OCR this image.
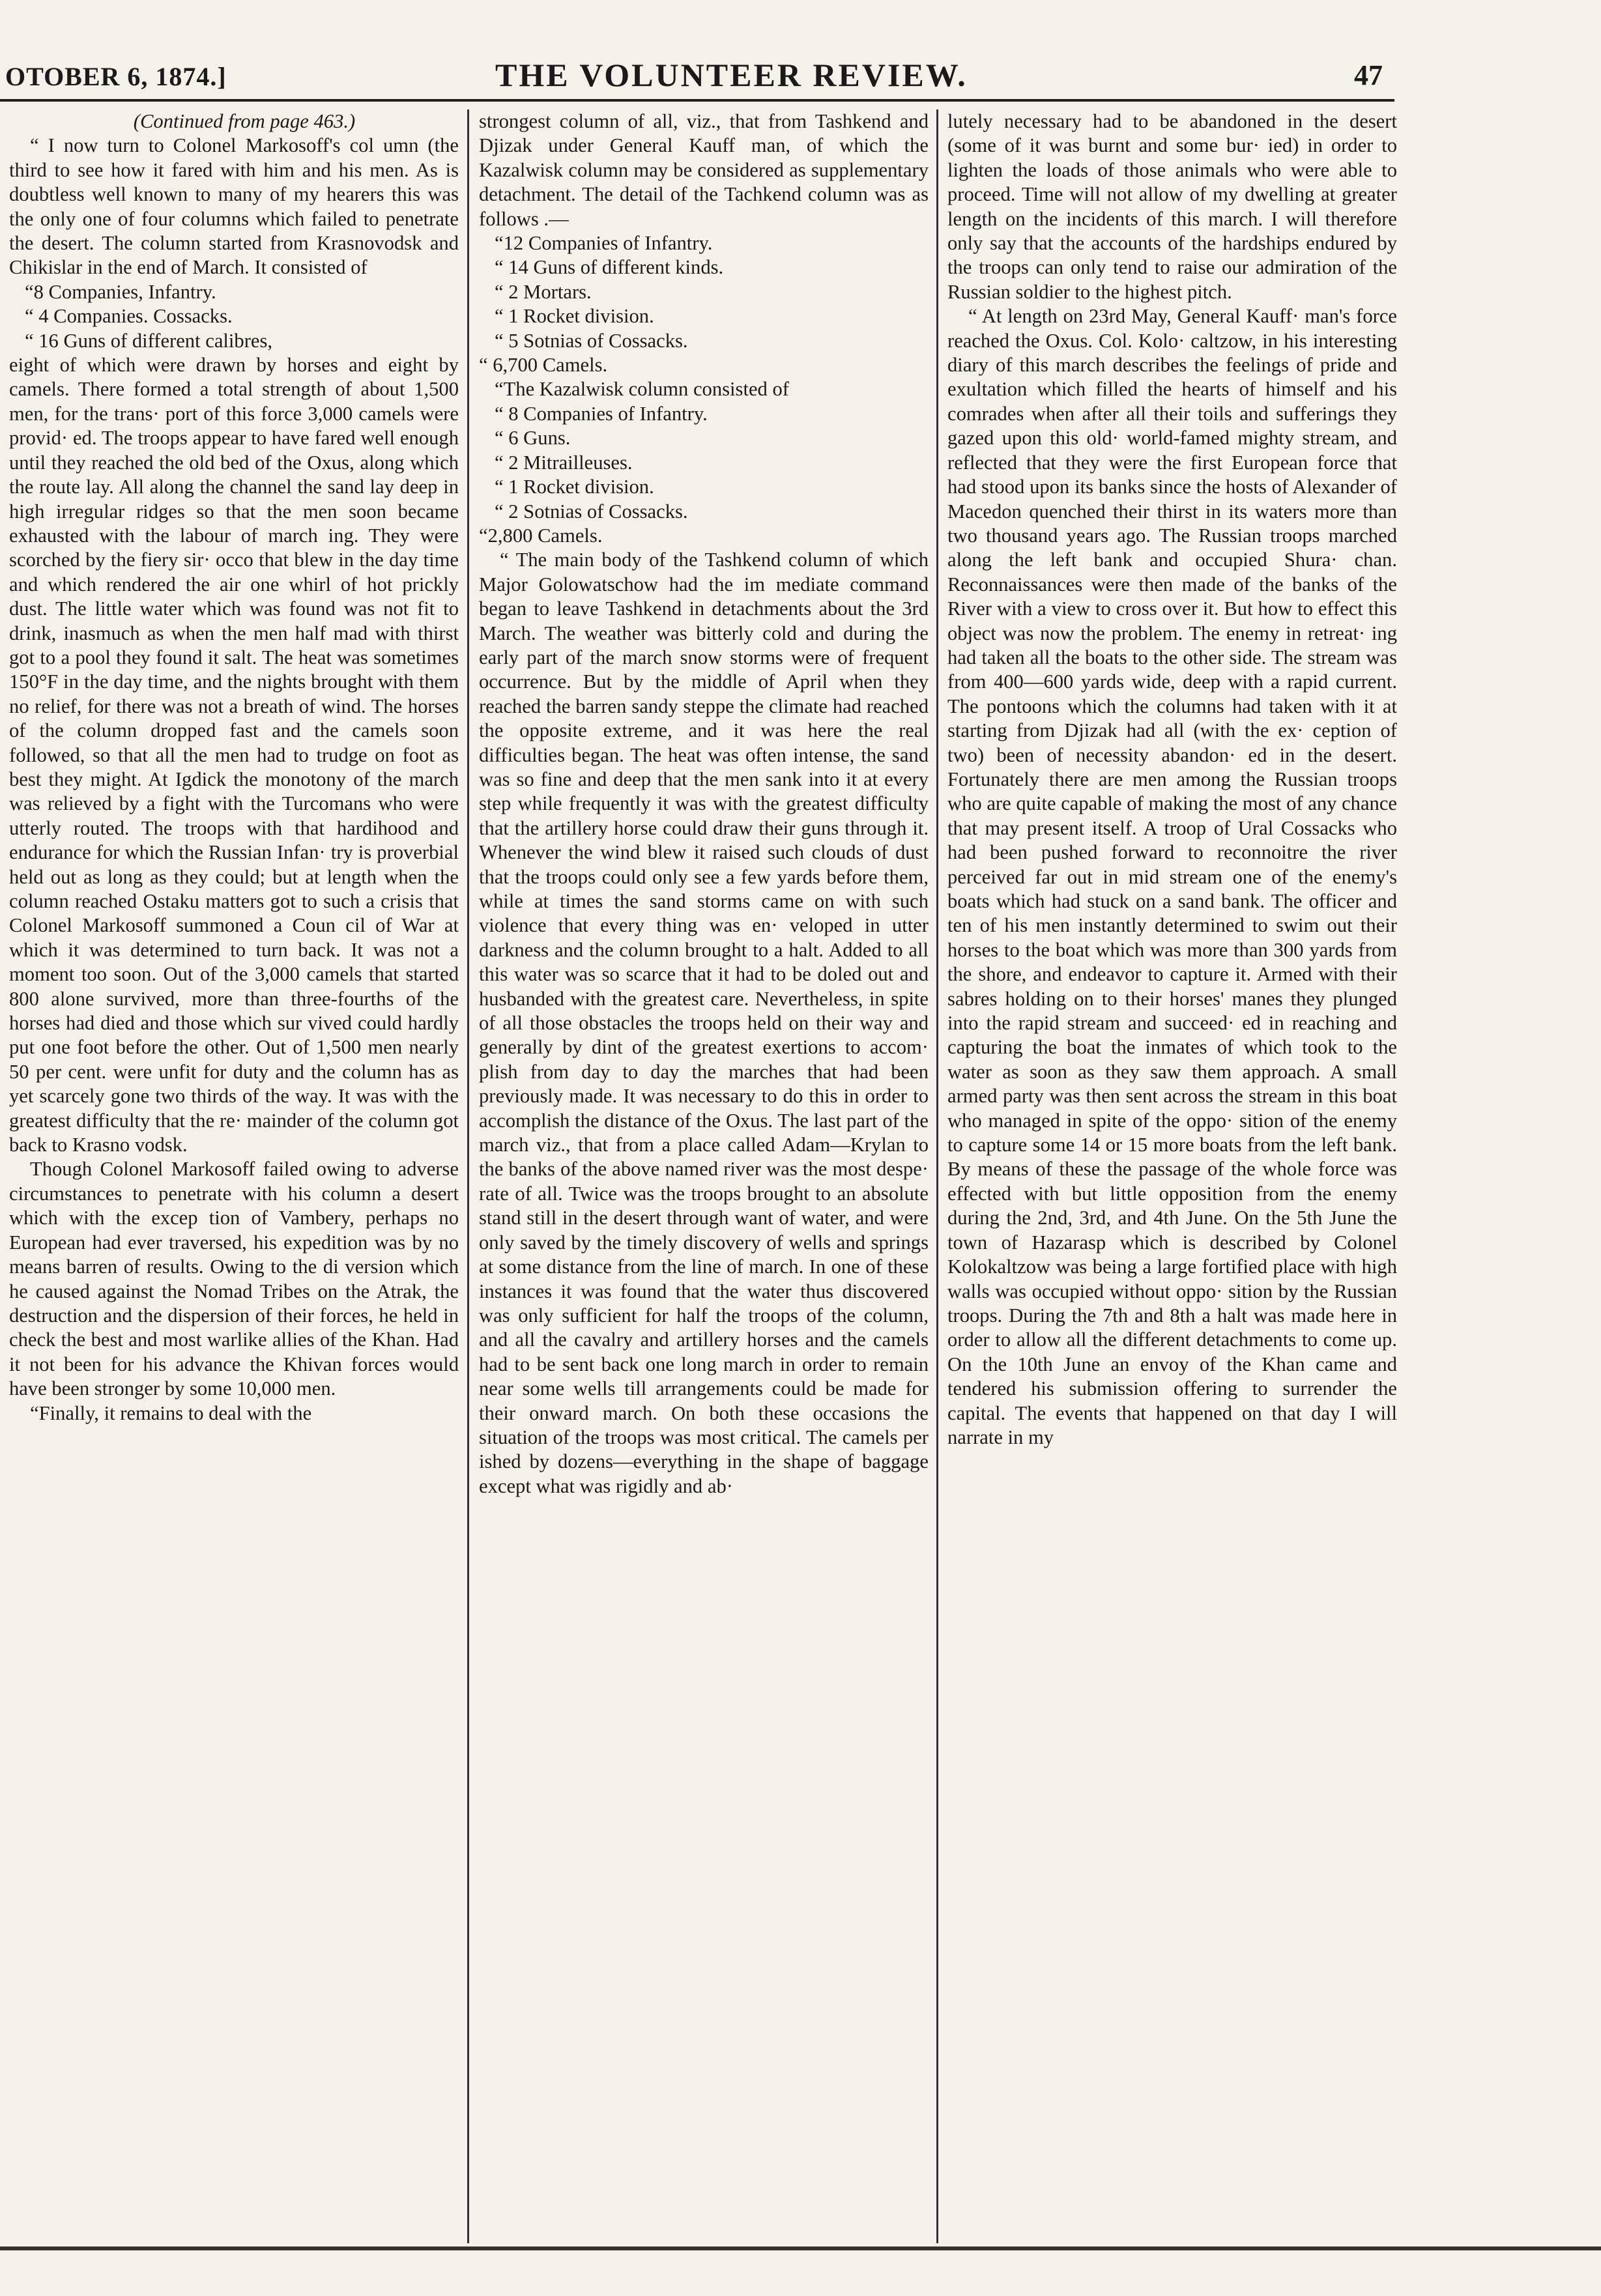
OTOBER 6, 1874.]	THE VOLUNTEER REVIEW.	47

(Continued from page 463.)

“ I now turn to Colonel Markosoff's col umn (the third to see how it fared with him and his men. As is doubtless well known to many of my hearers this was the only one of four columns which failed to penetrate the desert. The column started from Krasnovodsk and Chikislar in the end of March. It consisted of

“8 Companies, Infantry.

“ 4 Companies. Cossacks.

“ 16 Guns of different calibres,

eight of which were drawn by horses and eight by camels. There formed a total strength of about 1,500 men, for the trans· port of this force 3,000 camels were provid· ed. The troops appear to have fared well enough until they reached the old bed of the Oxus, along which the route lay. All along the channel the sand lay deep in high irregular ridges so that the men soon became exhausted with the labour of march ing. They were scorched by the fiery sir· occo that blew in the day time and which rendered the air one whirl of hot prickly dust. The little water which was found was not fit to drink, inasmuch as when the men half mad with thirst got to a pool they found it salt. The heat was sometimes 150°F in the day time, and the nights brought with them no relief, for there was not a breath of wind. The horses of the column dropped fast and the camels soon followed, so that all the men had to trudge on foot as best they might. At Igdick the monotony of the march was relieved by a fight with the Turcomans who were utterly routed. The troops with that hardihood and endurance for which the Russian Infan· try is proverbial held out as long as they could; but at length when the column reached Ostaku matters got to such a crisis that Colonel Markosoff summoned a Coun cil of War at which it was determined to turn back. It was not a moment too soon. Out of the 3,000 camels that started 800 alone survived, more than three-fourths of the horses had died and those which sur vived could hardly put one foot before the other. Out of 1,500 men nearly 50 per cent. were unfit for duty and the column has as yet scarcely gone two thirds of the way. It was with the greatest difficulty that the re· mainder of the column got back to Krasno vodsk.

Though Colonel Markosoff failed owing to adverse circumstances to penetrate with his column a desert which with the excep tion of Vambery, perhaps no European had ever traversed, his expedition was by no means barren of results. Owing to the di version which he caused against the Nomad Tribes on the Atrak, the destruction and the dispersion of their forces, he held in check the best and most warlike allies of the Khan. Had it not been for his advance the Khivan forces would have been stronger by some 10,000 men.

“Finally, it remains to deal with the

strongest column of all, viz., that from Tashkend and Djizak under General Kauff man, of which the Kazalwisk column may be considered as supplementary detachment. The detail of the Tachkend column was as follows .—

“12 Companies of Infantry.

“ 14 Guns of different kinds.

“ 2 Mortars.

“ 1 Rocket division.

“ 5 Sotnias of Cossacks.

“ 6,700 Camels.

“The Kazalwisk column consisted of

“ 8 Companies of Infantry.

“ 6 Guns.

“ 2 Mitrailleuses.

“ 1 Rocket division.

“ 2 Sotnias of Cossacks.

“2,800 Camels.

“ The main body of the Tashkend column of which Major Golowatschow had the im mediate command began to leave Tashkend in detachments about the 3rd March. The weather was bitterly cold and during the early part of the march snow storms were of frequent occurrence. But by the middle of April when they reached the barren sandy steppe the climate had reached the opposite extreme, and it was here the real difficulties began. The heat was often intense, the sand was so fine and deep that the men sank into it at every step while frequently it was with the greatest difficulty that the artillery horse could draw their guns through it. Whenever the wind blew it raised such clouds of dust that the troops could only see a few yards before them, while at times the sand storms came on with such violence that every thing was en· veloped in utter darkness and the column brought to a halt. Added to all this water was so scarce that it had to be doled out and husbanded with the greatest care. Nevertheless, in spite of all those obstacles the troops held on their way and generally by dint of the greatest exertions to accom· plish from day to day the marches that had been previously made. It was necessary to do this in order to accomplish the distance of the Oxus. The last part of the march viz., that from a place called Adam—Krylan to the banks of the above named river was the most despe· rate of all. Twice was the troops brought to an absolute stand still in the desert through want of water, and were only saved by the timely discovery of wells and springs at some distance from the line of march. In one of these instances it was found that the water thus discovered was only sufficient for half the troops of the column, and all the cavalry and artillery horses and the camels had to be sent back one long march in order to remain near some wells till arrangements could be made for their onward march. On both these occasions the situation of the troops was most critical. The camels per ished by dozens—everything in the shape of baggage except what was rigidly and ab·

lutely necessary had to be abandoned in the desert (some of it was burnt and some bur· ied) in order to lighten the loads of those animals who were able to proceed. Time will not allow of my dwelling at greater length on the incidents of this march. I will therefore only say that the accounts of the hardships endured by the troops can only tend to raise our admiration of the Russian soldier to the highest pitch.

“ At length on 23rd May, General Kauff· man's force reached the Oxus. Col. Kolo· caltzow, in his interesting diary of this march describes the feelings of pride and exultation which filled the hearts of himself and his comrades when after all their toils and sufferings they gazed upon this old· world-famed mighty stream, and reflected that they were the first European force that had stood upon its banks since the hosts of Alexander of Macedon quenched their thirst in its waters more than two thousand years ago. The Russian troops marched along the left bank and occupied Shura· chan. Reconnaissances were then made of the banks of the River with a view to cross over it. But how to effect this object was now the problem. The enemy in retreat· ing had taken all the boats to the other side. The stream was from 400—600 yards wide, deep with a rapid current. The pontoons which the columns had taken with it at starting from Djizak had all (with the ex· ception of two) been of necessity abandon· ed in the desert. Fortunately there are men among the Russian troops who are quite capable of making the most of any chance that may present itself. A troop of Ural Cossacks who had been pushed forward to reconnoitre the river perceived far out in mid stream one of the enemy's boats which had stuck on a sand bank. The officer and ten of his men instantly determined to swim out their horses to the boat which was more than 300 yards from the shore, and endeavor to capture it. Armed with their sabres holding on to their horses' manes they plunged into the rapid stream and succeed· ed in reaching and capturing the boat the inmates of which took to the water as soon as they saw them approach. A small armed party was then sent across the stream in this boat who managed in spite of the oppo· sition of the enemy to capture some 14 or 15 more boats from the left bank. By means of these the passage of the whole force was effected with but little opposition from the enemy during the 2nd, 3rd, and 4th June. On the 5th June the town of Hazarasp which is described by Colonel Kolokaltzow was being a large fortified place with high walls was occupied without oppo· sition by the Russian troops. During the 7th and 8th a halt was made here in order to allow all the different detachments to come up. On the 10th June an envoy of the Khan came and tendered his submission offering to surrender the capital. The events that happened on that day I will narrate in my
